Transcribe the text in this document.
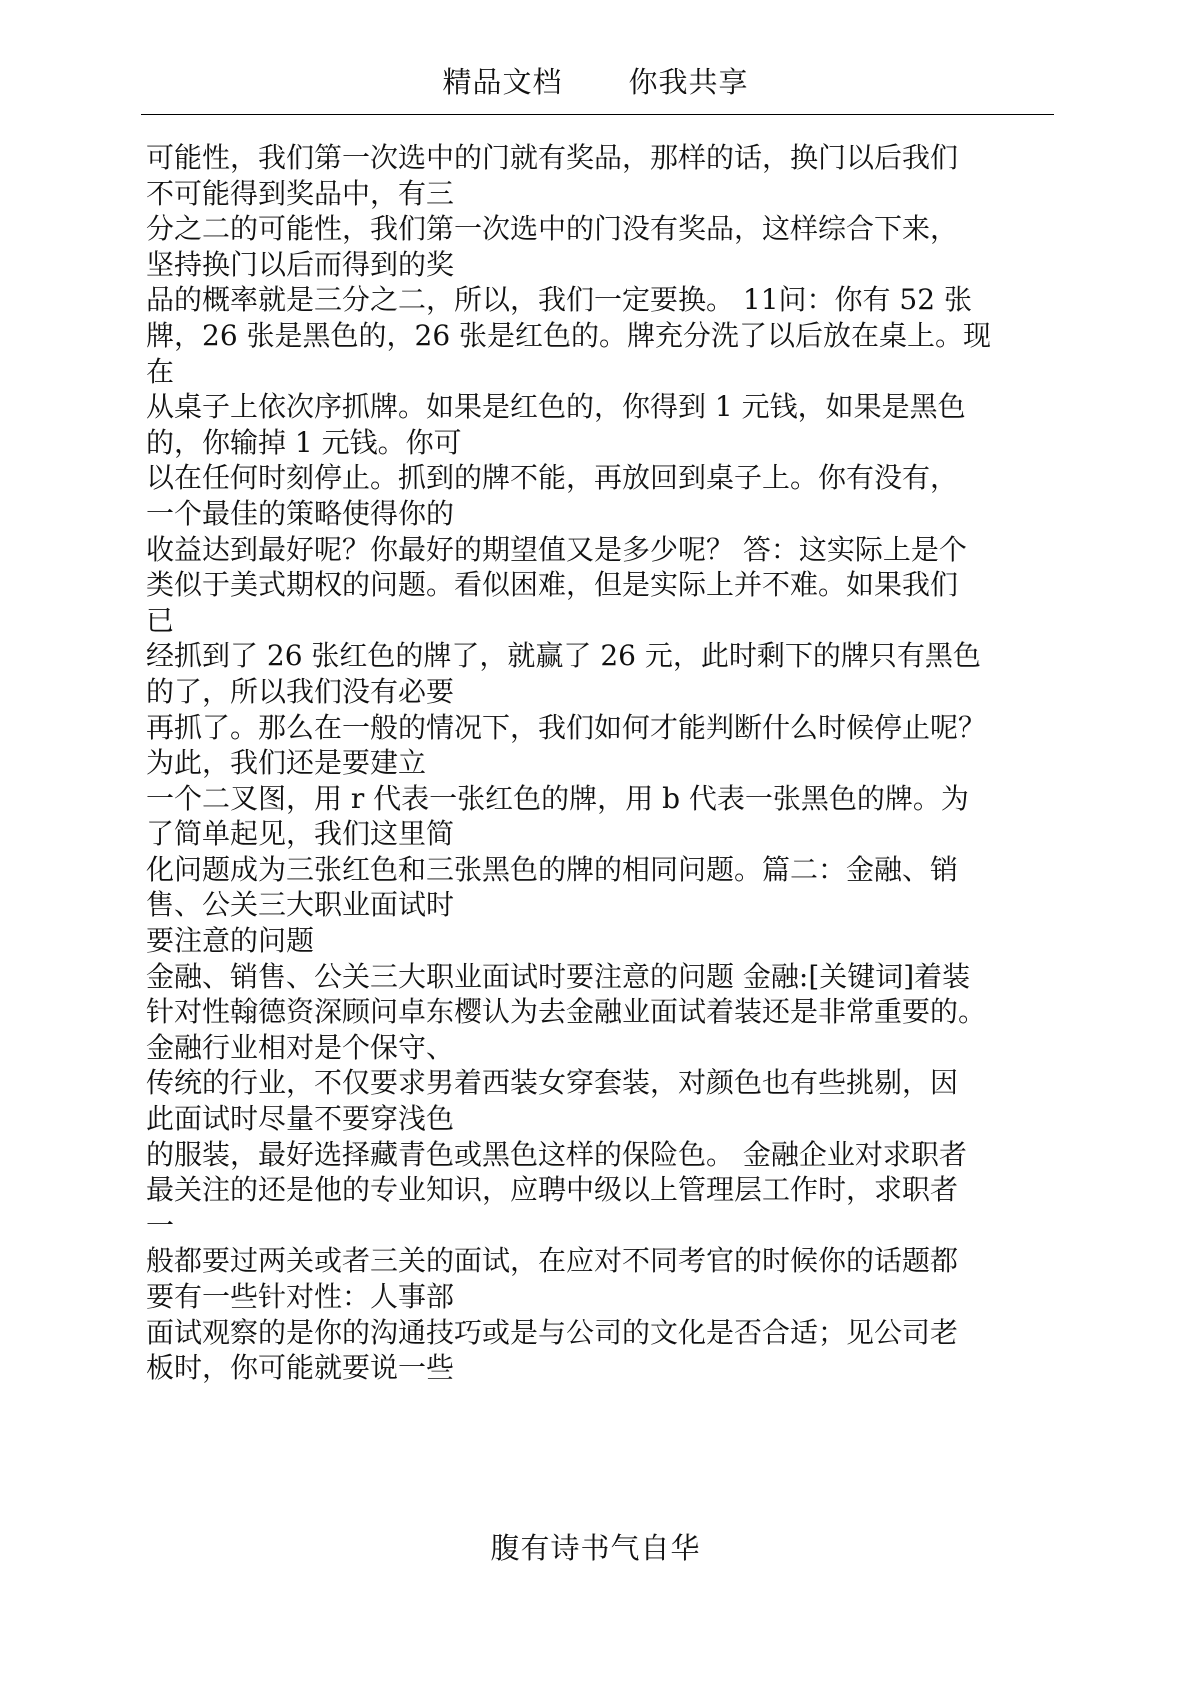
精品文档 你我共享
可能性，我们第一次选中的门就有奖品，那样的话，换门以后我们
不可能得到奖品中，有三
分之二的可能性，我们第一次选中的门没有奖品，这样综合下来，
坚持换门以后而得到的奖
品的概率就是三分之二，所以，我们一定要换。 11问：你有 52 张
牌，26 张是黑色的，26 张是红色的。牌充分洗了以后放在桌上。现
在
从桌子上依次序抓牌。如果是红色的，你得到 1 元钱，如果是黑色
的，你输掉 1 元钱。你可
以在任何时刻停止。抓到的牌不能，再放回到桌子上。你有没有，
一个最佳的策略使得你的
收益达到最好呢？你最好的期望值又是多少呢？ 答：这实际上是个
类似于美式期权的问题。看似困难，但是实际上并不难。如果我们
已
经抓到了 26 张红色的牌了，就赢了 26 元，此时剩下的牌只有黑色
的了，所以我们没有必要
再抓了。那么在一般的情况下，我们如何才能判断什么时候停止呢？
为此，我们还是要建立
一个二叉图，用 r 代表一张红色的牌，用 b 代表一张黑色的牌。为
了简单起见，我们这里简
化问题成为三张红色和三张黑色的牌的相同问题。篇二：金融、销
售、公关三大职业面试时
要注意的问题
金融、销售、公关三大职业面试时要注意的问题 金融:[关键词]着装
针对性翰德资深顾问卓东樱认为去金融业面试着装还是非常重要的。
金融行业相对是个保守、
传统的行业，不仅要求男着西装女穿套装，对颜色也有些挑剔，因
此面试时尽量不要穿浅色
的服装，最好选择藏青色或黑色这样的保险色。 金融企业对求职者
最关注的还是他的专业知识，应聘中级以上管理层工作时，求职者
一
般都要过两关或者三关的面试，在应对不同考官的时候你的话题都
要有一些针对性：人事部
面试观察的是你的沟通技巧或是与公司的文化是否合适；见公司老
板时，你可能就要说一些
腹有诗书气自华
